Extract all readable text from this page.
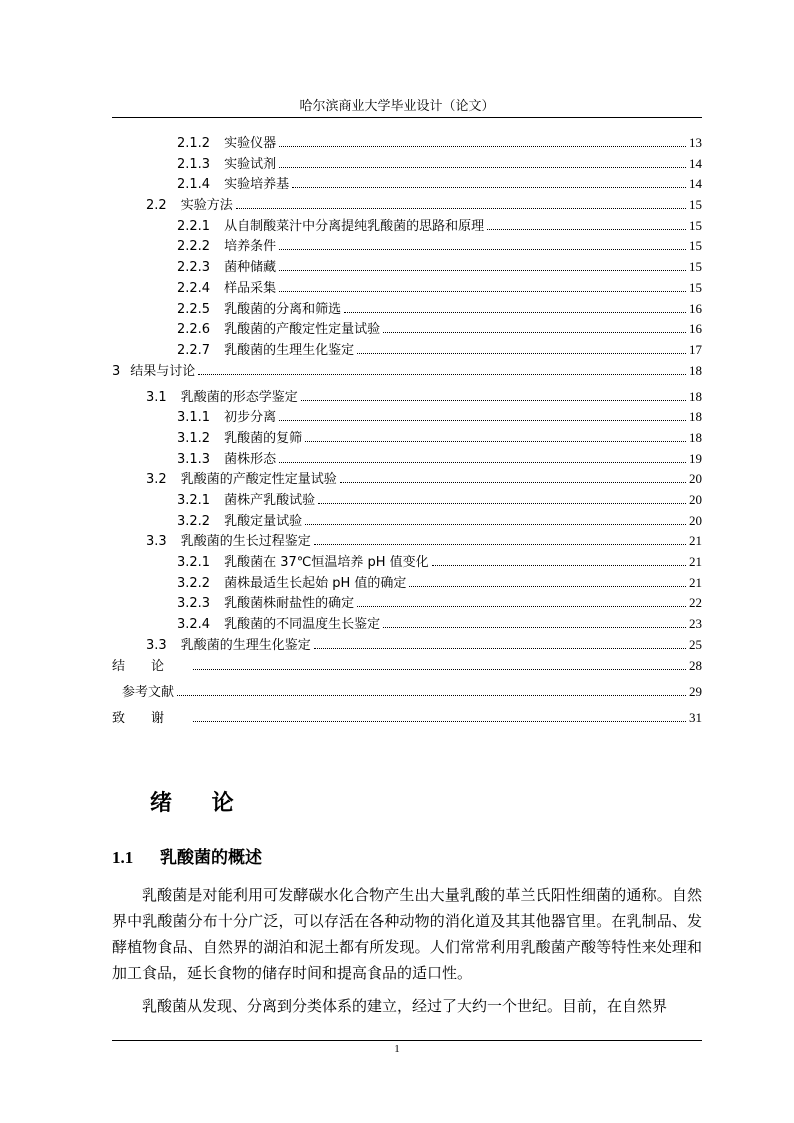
哈尔滨商业大学毕业设计（论文）
2.1.2 实验仪器	13
2.1.3 实验试剂	14
2.1.4 实验培养基	14
2.2 实验方法	15
2.2.1 从自制酸菜汁中分离提纯乳酸菌的思路和原理	15
2.2.2 培养条件	15
2.2.3 菌种储藏	15
2.2.4 样品采集	15
2.2.5 乳酸菌的分离和筛选	16
2.2.6 乳酸菌的产酸定性定量试验	16
2.2.7 乳酸菌的生理生化鉴定	17
3 结果与讨论	18
3.1 乳酸菌的形态学鉴定	18
3.1.1 初步分离	18
3.1.2 乳酸菌的复筛	18
3.1.3 菌株形态	19
3.2 乳酸菌的产酸定性定量试验	20
3.2.1 菌株产乳酸试验	20
3.2.2 乳酸定量试验	20
3.3 乳酸菌的生长过程鉴定	21
3.2.1 乳酸菌在 37℃恒温培养 pH 值变化	21
3.2.2 菌株最适生长起始 pH 值的确定	21
3.2.3 乳酸菌株耐盐性的确定	22
3.2.4 乳酸菌的不同温度生长鉴定	23
3.3 乳酸菌的生理生化鉴定	25
结论	28
参考文献	29
致谢	31
绪论
1.1 乳酸菌的概述
乳酸菌是对能利用可发酵碳水化合物产生出大量乳酸的革兰氏阳性细菌的通称。自然界中乳酸菌分布十分广泛，可以存活在各种动物的消化道及其其他器官里。在乳制品、发酵植物食品、自然界的湖泊和泥土都有所发现。人们常常利用乳酸菌产酸等特性来处理和加工食品，延长食物的储存时间和提高食品的适口性。
乳酸菌从发现、分离到分类体系的建立，经过了大约一个世纪。目前，在自然界
1
